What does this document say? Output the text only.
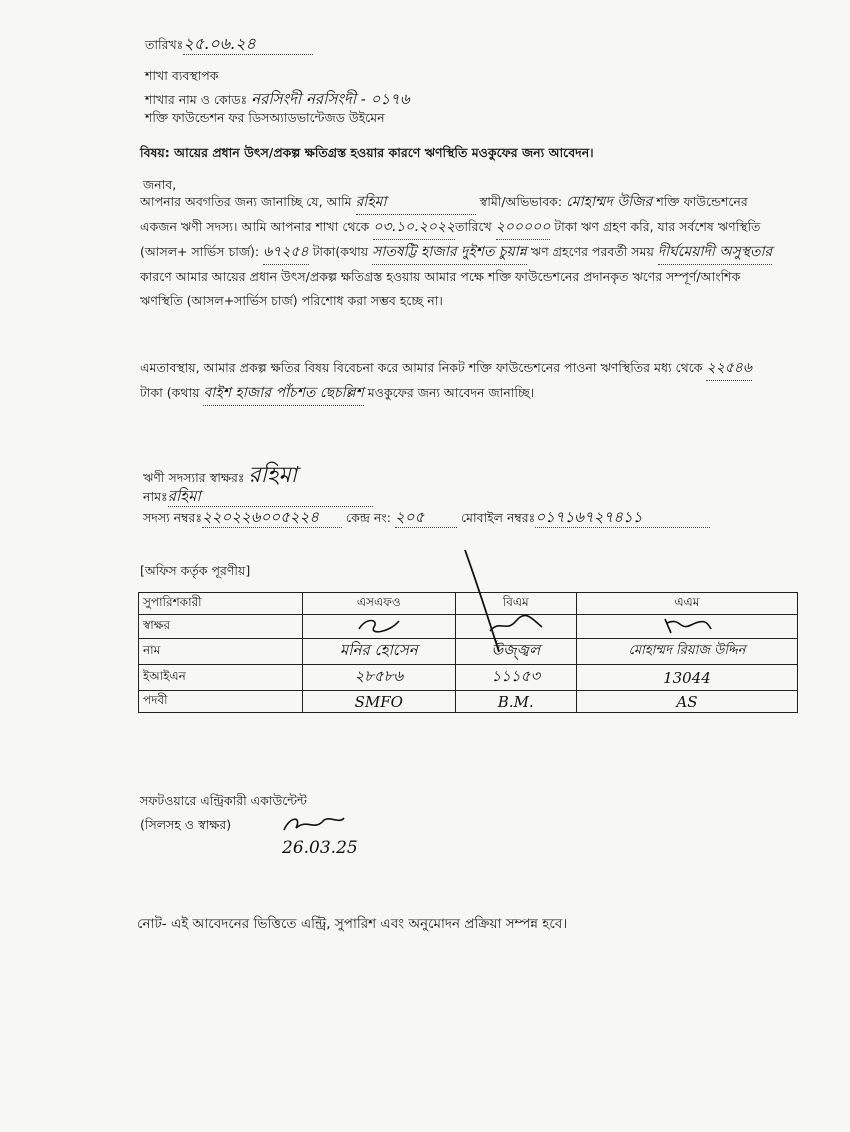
তারিখঃ২৫.০৬.২৪
শাখা ব্যবস্থাপক
শাখার নাম ও কোডঃ নরসিংদী নরসিংদী - ০১৭৬
শক্তি ফাউন্ডেশন ফর ডিসঅ্যাডভান্টেজড উইমেন
বিষয়: আয়ের প্রধান উৎস/প্রকল্প ক্ষতিগ্রস্ত হওয়ার কারণে ঋণস্থিতি মওকুফের জন্য আবেদন।
জনাব,
আপনার অবগতির জন্য জানাচ্ছি যে, আমি রহিমা	স্বামী/অভিভাবক: মোহাম্মদ উজির শক্তি ফাউন্ডেশনের একজন ঋণী সদস্য। আমি আপনার শাখা থেকে ০৩.১০.২০২২তারিখে ২০০০০০ টাকা ঋণ গ্রহণ করি, যার সর্বশেষ ঋণস্থিতি (আসল+ সার্ভিস চার্জ): ৬৭২৫৪ টাকা(কথায় সাতষট্টি হাজার দুইশত চুয়ান্ন ঋণ গ্রহণের পরবর্তী সময় দীর্ঘমেয়াদী অসুস্থতার কারণে আমার আয়ের প্রধান উৎস/প্রকল্প ক্ষতিগ্রস্ত হওয়ায় আমার পক্ষে শক্তি ফাউন্ডেশনের প্রদানকৃত ঋণের সম্পূর্ণ/আংশিক ঋণস্থিতি (আসল+সার্ভিস চার্জ) পরিশোধ করা সম্ভব হচ্ছে না।
এমতাবস্থায়, আমার প্রকল্প ক্ষতির বিষয় বিবেচনা করে আমার নিকট শক্তি ফাউন্ডেশনের পাওনা ঋণস্থিতির মধ্য থেকে ২২৫৪৬ টাকা (কথায় বাইশ হাজার পাঁচশত ছেচল্লিশ মওকুফের জন্য আবেদন জানাচ্ছি।
ঋণী সদস্যার স্বাক্ষরঃ রহিমা
নামঃরহিমা
সদস্য নম্বরঃ২২০২২৬০০৫২২৪ কেন্দ্র নং: ২০৫	মোবাইল নম্বরঃ০১৭১৬৭২৭৪১১
[অফিস কর্তৃক পূরণীয়]
সুপারিশকারী	এসএফও	বিএম	এএম
স্বাক্ষর			
নাম	মনির হোসেন	উজ্জ্বল	মোহাম্মদ রিয়াজ উদ্দিন
ইআইএন	২৮৫৮৬	১১১৫৩	13044
পদবী	SMFO	B.M.	AS
সফটওয়ারে এন্ট্রিকারী একাউন্টেন্ট
(সিলসহ ও স্বাক্ষর)
26.03.25
নোট- এই আবেদনের ভিত্তিতে এন্ট্রি, সুপারিশ এবং অনুমোদন প্রক্রিয়া সম্পন্ন হবে।
